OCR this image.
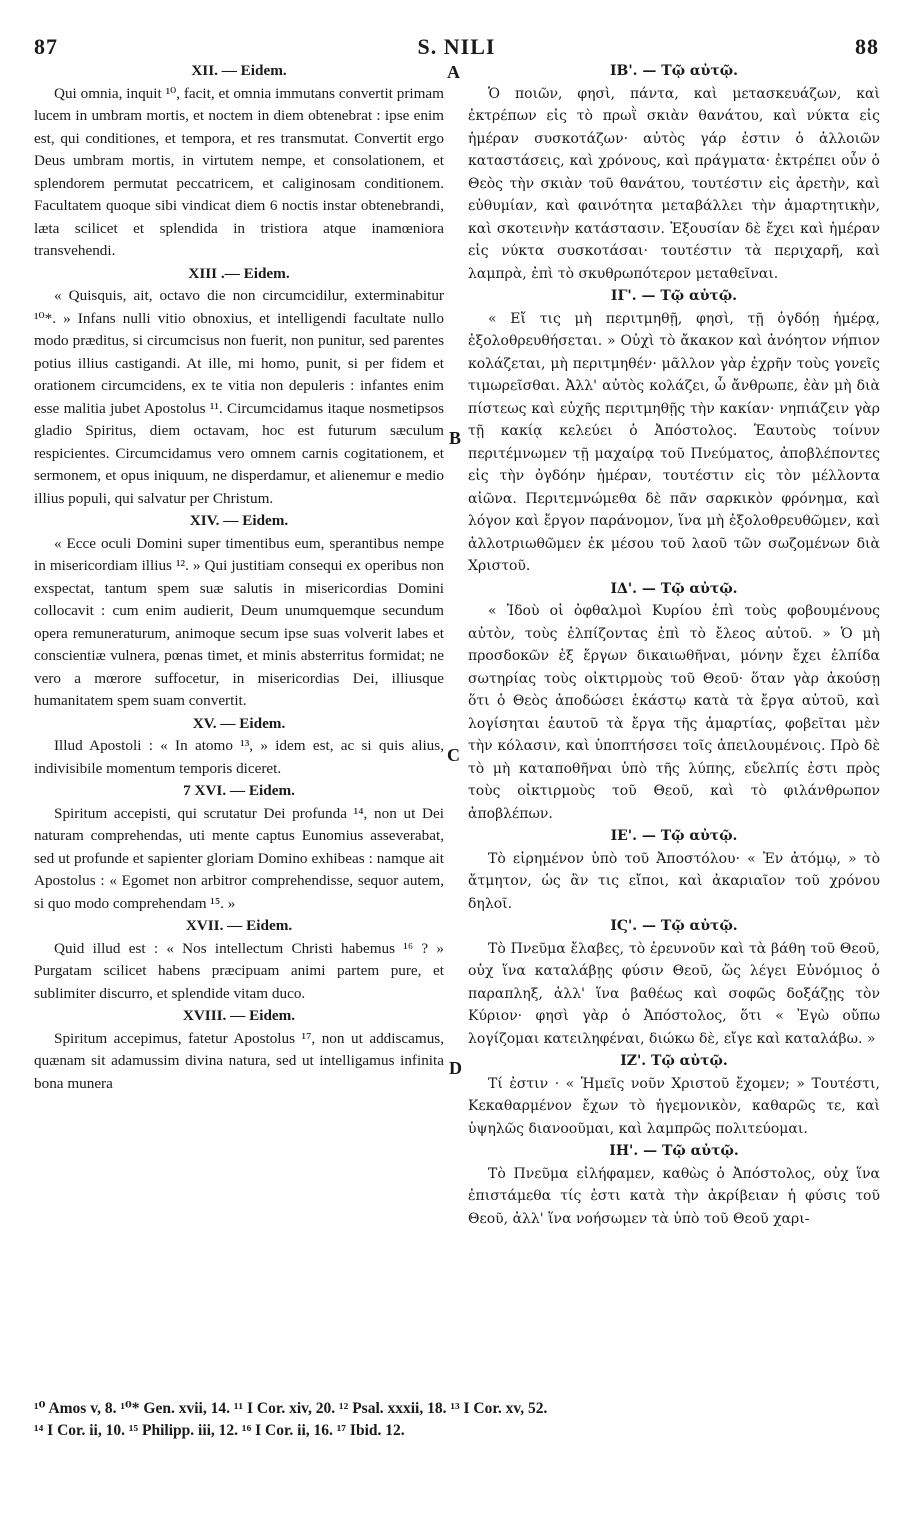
87	S. NILI	88
XII. — Eidem.

Qui omnia, inquit ¹⁰, facit, et omnia immutans convertit primam lucem in umbram mortis, et noctem in diem obtenebrat : ipse enim est, qui conditiones, et tempora, et res transmutat. Convertit ergo Deus umbram mortis, in virtutem nempe, et consolationem, et splendorem permutat peccatricem, et caliginosam conditionem. Facultatem quoque sibi vindicat diem 6 noctis instar obtenebrandi, læta scilicet et splendida in tristiora atque inamœniora transvehendi.

XIII .— Eidem.

« Quisquis, ait, octavo die non circumcidilur, exterminabitur ¹⁰*. » Infans nulli vitio obnoxius, et intelligendi facultate nullo modo præditus, si circumcisus non fuerit, non punitur, sed parentes potius illius castigandi. At ille, mi homo, punit, si per fidem et orationem circumcidens, ex te vitia non depuleris : infantes enim esse malitia jubet Apostolus ¹¹. Circumcidamus itaque nosmetipsos gladio Spiritus, diem octavam, hoc est futurum sæculum respicientes. Circumcidamus vero omnem carnis cogitationem, et sermonem, et opus iniquum, ne disperdamur, et alienemur e medio illius populi, qui salvatur per Christum.

XIV. — Eidem.

« Ecce oculi Domini super timentibus eum, sperantibus nempe in misericordiam illius ¹². » Qui justitiam consequi ex operibus non exspectat, tantum spem suæ salutis in misericordias Domini collocavit : cum enim audierit, Deum unumquemque secundum opera remuneraturum, animoque secum ipse suas volverit labes et conscientiæ vulnera, pœnas timet, et minis absterritus formidat; ne vero a mœrore suffocetur, in misericordias Dei, illiusque humanitatem spem suam convertit.

XV. — Eidem.

Illud Apostoli : « In atomo ¹³, » idem est, ac si quis alius, indivisibile momentum temporis diceret.

7 XVI. — Eidem.

Spiritum accepisti, qui scrutatur Dei profunda ¹⁴, non ut Dei naturam comprehendas, uti mente captus Eunomius asseverabat, sed ut profunde et sapienter gloriam Domino exhibeas : namque ait Apostolus : « Egomet non arbitror comprehendisse, sequor autem, si quo modo comprehendam ¹⁵. »

XVII. — Eidem.

Quid illud est : « Nos intellectum Christi habemus ¹⁶ ? » Purgatam scilicet habens præcipuam animi partem pure, et sublimiter discurro, et splendide vitam duco.

XVIII. — Eidem.

Spiritum accepimus, fatetur Apostolus ¹⁷, non ut addiscamus, quænam sit adamussim divina natura, sed ut intelligamus infinita bona munera

ΙΒ'. — Τῷ αὐτῷ.

Ὁ ποιῶν, φησὶ, πάντα, καὶ μετασκευάζων, καὶ ἐκτρέπων εἰς τὸ πρωῒ σκιὰν θανάτου, καὶ νύκτα εἰς ἡμέραν συσκοτάζων· αὐτὸς γάρ ἐστιν ὁ ἀλλοιῶν καταστάσεις, καὶ χρόνους, καὶ πράγματα· ἐκτρέπει οὖν ὁ Θεὸς τὴν σκιὰν τοῦ θανάτου, τουτέστιν εἰς ἀρετὴν, καὶ εὐθυμίαν, καὶ φαινότητα μεταβάλλει τὴν ἁμαρτητικὴν, καὶ σκοτεινὴν κατάστασιν. Ἐξουσίαν δὲ ἔχει καὶ ἡμέραν εἰς νύκτα συσκοτάσαι· τουτέστιν τὰ περιχαρῆ, καὶ λαμπρὰ, ἐπὶ τὸ σκυθρωπότερον μεταθεῖναι.

ΙΓ'. — Τῷ αὐτῷ.

« Εἴ τις μὴ περιτμηθῇ, φησὶ, τῇ ὀγδόῃ ἡμέρᾳ, ἐξολοθρευθήσεται. » Οὐχὶ τὸ ἄκακον καὶ ἀνόητον νήπιον κολάζεται, μὴ περιτμηθέν· μᾶλλον γὰρ ἐχρῆν τοὺς γονεῖς τιμωρεῖσθαι. Ἀλλ' αὐτὸς κολάζει, ὦ ἄνθρωπε, ἐὰν μὴ διὰ πίστεως καὶ εὐχῆς περιτμηθῇς τὴν κακίαν· νηπιάζειν γὰρ τῇ κακίᾳ κελεύει ὁ Ἀπόστολος. Ἑαυτοὺς τοίνυν περιτέμνωμεν τῇ μαχαίρᾳ τοῦ Πνεύματος, ἀποβλέποντες εἰς τὴν ὀγδόην ἡμέραν, τουτέστιν εἰς τὸν μέλλοντα αἰῶνα. Περιτεμνώμεθα δὲ πᾶν σαρκικὸν φρόνημα, καὶ λόγον καὶ ἔργον παράνομον, ἵνα μὴ ἐξολοθρευθῶμεν, καὶ ἀλλοτριωθῶμεν ἐκ μέσου τοῦ λαοῦ τῶν σωζομένων διὰ Χριστοῦ.

ΙΔ'. — Τῷ αὐτῷ.

« Ἰδοὺ οἱ ὀφθαλμοὶ Κυρίου ἐπὶ τοὺς φοβουμένους αὐτὸν, τοὺς ἐλπίζοντας ἐπὶ τὸ ἔλεος αὐτοῦ. » Ὁ μὴ προσδοκῶν ἐξ ἔργων δικαιωθῆναι, μόνην ἔχει ἐλπίδα σωτηρίας τοὺς οἰκτιρμοὺς τοῦ Θεοῦ· ὅταν γὰρ ἀκούσῃ ὅτι ὁ Θεὸς ἀποδώσει ἑκάστῳ κατὰ τὰ ἔργα αὐτοῦ, καὶ λογίσηται ἑαυτοῦ τὰ ἔργα τῆς ἁμαρτίας, φοβεῖται μὲν τὴν κόλασιν, καὶ ὑποπτήσσει τοῖς ἀπειλουμένοις. Πρὸ δὲ τὸ μὴ καταποθῆναι ὑπὸ τῆς λύπης, εὔελπίς ἐστι πρὸς τοὺς οἰκτιρμοὺς τοῦ Θεοῦ, καὶ τὸ φιλάνθρωπον ἀποβλέπων.

ΙΕ'. — Τῷ αὐτῷ.

Τὸ εἰρημένον ὑπὸ τοῦ Ἀποστόλου· « Ἐν ἀτόμῳ, » τὸ ἄτμητον, ὡς ἂν τις εἴποι, καὶ ἀκαριαῖον τοῦ χρόνου δηλοῖ.

ΙϚ'. — Τῷ αὐτῷ.

Τὸ Πνεῦμα ἔλαβες, τὸ ἐρευνοῦν καὶ τὰ βάθη τοῦ Θεοῦ, οὐχ ἵνα καταλάβῃς φύσιν Θεοῦ, ὥς λέγει Εὐνόμιος ὁ παραπληξ, ἀλλ' ἵνα βαθέως καὶ σοφῶς δοξάζῃς τὸν Κύριον· φησὶ γὰρ ὁ Ἀπόστολος, ὅτι « Ἐγὼ οὔπω λογίζομαι κατειληφέναι, διώκω δὲ, εἴγε καὶ καταλάβω. »

ΙΖ'. Τῷ αὐτῷ.

Τί ἐστιν · « Ἡμεῖς νοῦν Χριστοῦ ἔχομεν; » Τουτέστι, Κεκαθαρμένον ἔχων τὸ ἡγεμονικὸν, καθαρῶς τε, καὶ ὑψηλῶς διανοοῦμαι, καὶ λαμπρῶς πολιτεύομαι.

ΙΗ'. — Τῷ αὐτῷ.

Τὸ Πνεῦμα εἰλήφαμεν, καθὼς ὁ Ἀπόστολος, οὐχ ἵνα ἐπιστάμεθα τίς ἐστι κατὰ τὴν ἀκρίβειαν ἡ φύσις τοῦ Θεοῦ, ἀλλ' ἵνα νοήσωμεν τὰ ὑπὸ τοῦ Θεοῦ χαρι-

A
B
C
D
¹⁰ Amos v, 8. ¹⁰* Gen. xvii, 14. ¹¹ I Cor. xiv, 20. ¹² Psal. xxxii, 18. ¹³ I Cor. xv, 52.
¹⁴ I Cor. ii, 10. ¹⁵ Philipp. iii, 12. ¹⁶ I Cor. ii, 16. ¹⁷ Ibid. 12.
